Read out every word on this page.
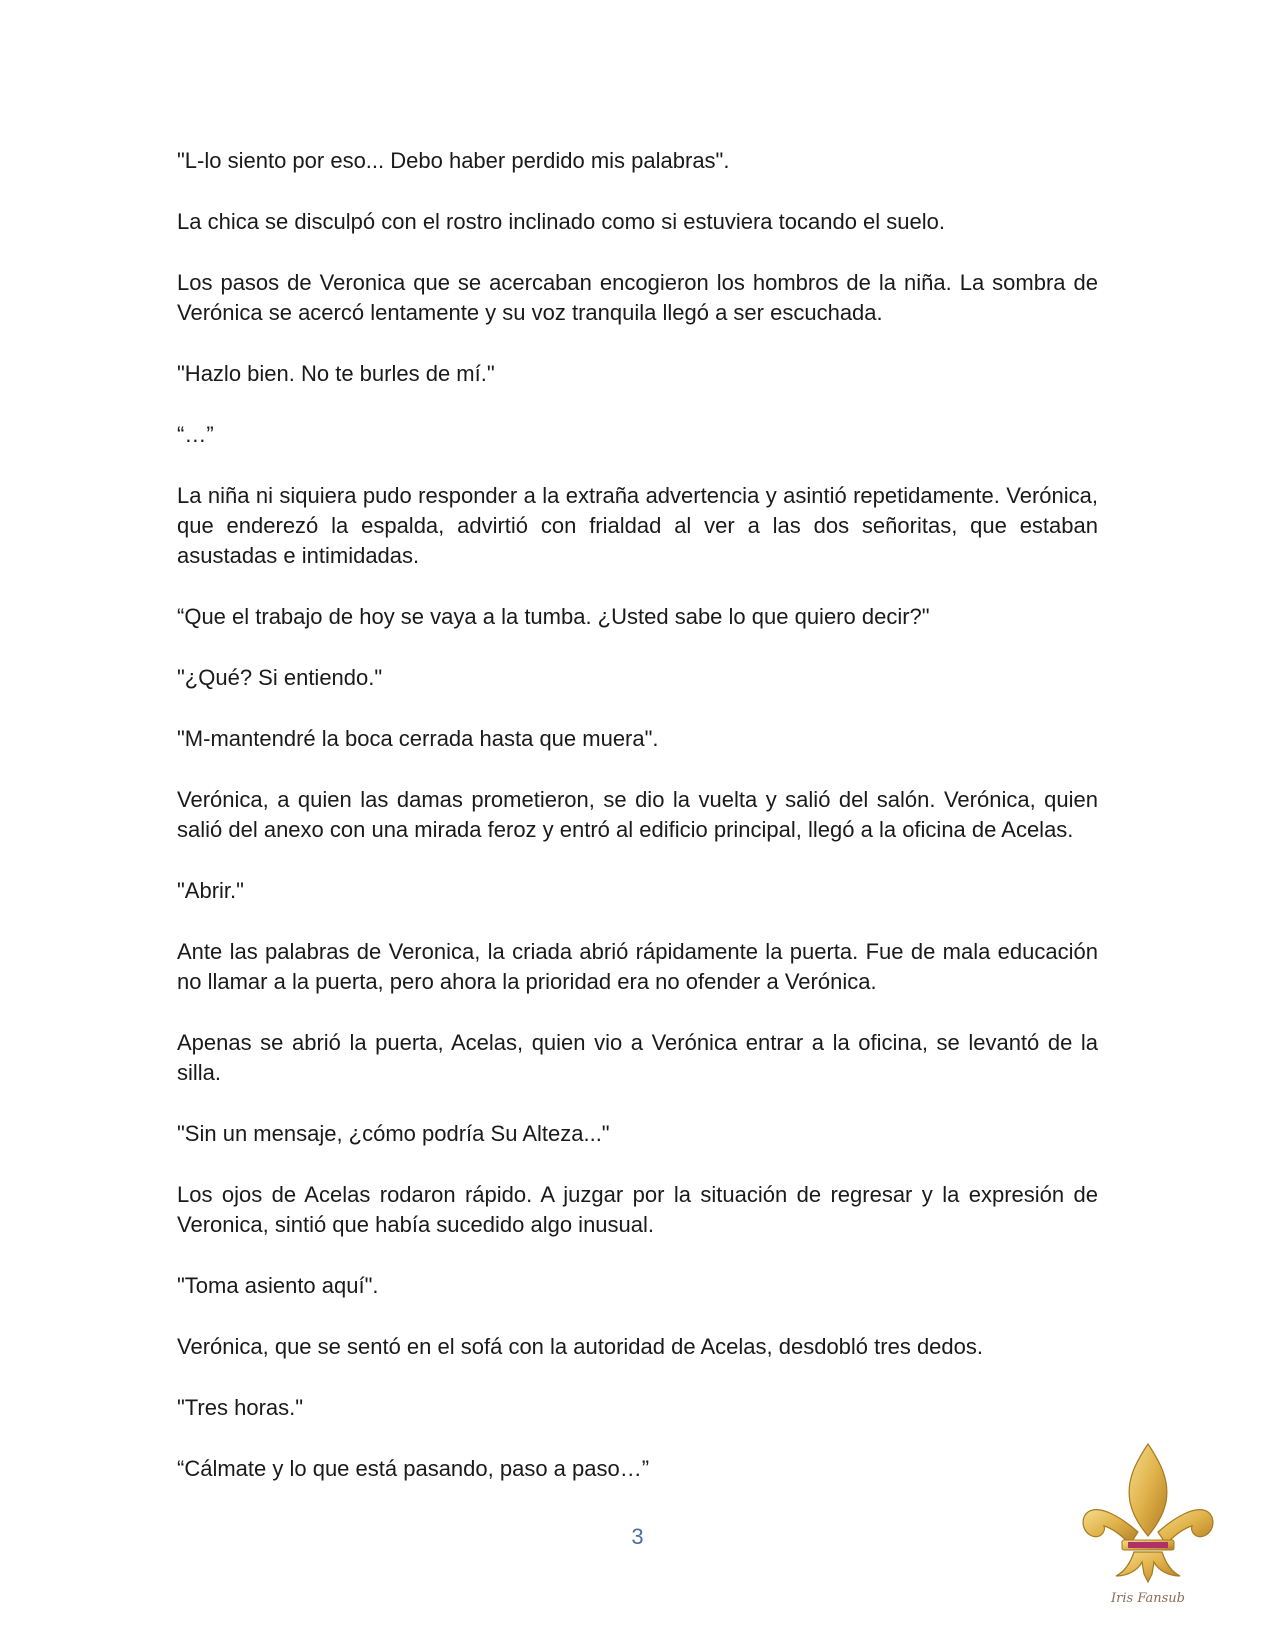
"L-lo siento por eso... Debo haber perdido mis palabras".

La chica se disculpó con el rostro inclinado como si estuviera tocando el suelo.

Los pasos de Veronica que se acercaban encogieron los hombros de la niña. La sombra de Verónica se acercó lentamente y su voz tranquila llegó a ser escuchada.

"Hazlo bien. No te burles de mí."

“…”

La niña ni siquiera pudo responder a la extraña advertencia y asintió repetidamente. Verónica, que enderezó la espalda, advirtió con frialdad al ver a las dos señoritas, que estaban asustadas e intimidadas.

“Que el trabajo de hoy se vaya a la tumba. ¿Usted sabe lo que quiero decir?"

"¿Qué? Si entiendo."

"M-mantendré la boca cerrada hasta que muera".

Verónica, a quien las damas prometieron, se dio la vuelta y salió del salón. Verónica, quien salió del anexo con una mirada feroz y entró al edificio principal, llegó a la oficina de Acelas.

"Abrir."

Ante las palabras de Veronica, la criada abrió rápidamente la puerta. Fue de mala educación no llamar a la puerta, pero ahora la prioridad era no ofender a Verónica.

Apenas se abrió la puerta, Acelas, quien vio a Verónica entrar a la oficina, se levantó de la silla.

"Sin un mensaje, ¿cómo podría Su Alteza..."

Los ojos de Acelas rodaron rápido. A juzgar por la situación de regresar y la expresión de Veronica, sintió que había sucedido algo inusual.

"Toma asiento aquí".

Verónica, que se sentó en el sofá con la autoridad de Acelas, desdobló tres dedos.

"Tres horas."

“Cálmate y lo que está pasando, paso a paso…”

3
Iris Fansub
